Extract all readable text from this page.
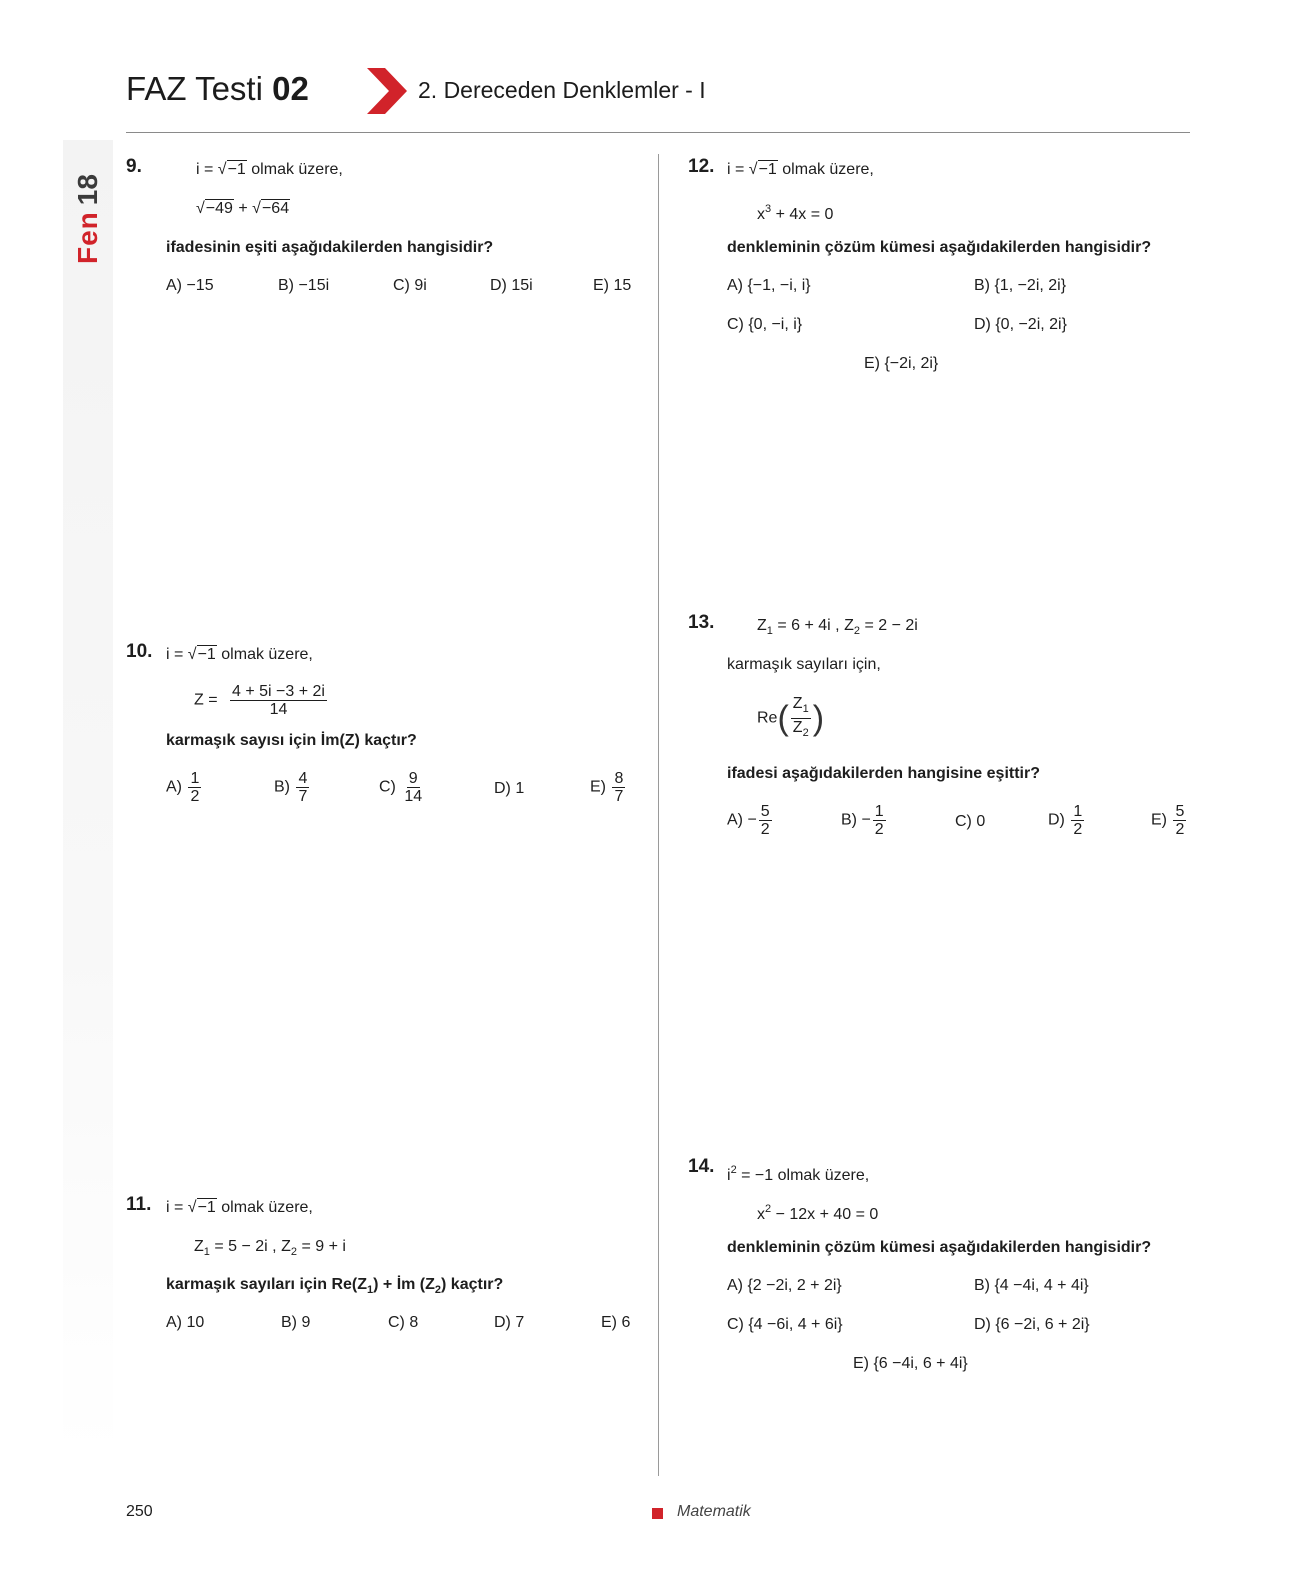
Fen
18
FAZ Testi 02	2. Dereceden Denklemler - I
9.	i = √−1 olmak üzere,
√−49 + √−64
ifadesinin eşiti aşağıdakilerden hangisidir?
A) −15	B) −15i	C) 9i	D) 15i	E) 15
10. i = √−1 olmak üzere,
$Z = \frac{4 + 5i -3 + 2i}{14}$
karmaşık sayısı için İm(Z) kaçtır?
$A) \frac{1}{2}$	$B) \frac{4}{7}$	$C) \frac{9}{14}$	D) 1	$E) \frac{8}{7}$
11. i = √−1 olmak üzere,
$Z_1 = 5 - 2i$ , $Z_2 = 9 + i$
karmaşık sayıları için $Re(Z_1)$ + İm $(Z_2)$ kaçtır?
A) 10	B) 9	C) 8	D) 7	E) 6
12. i = √−1 olmak üzere,
$x^3 + 4x = 0$
denkleminin çözüm kümesi aşağıdakilerden hangisidir?
A) {−1, −i, i}	B) {1, −2i, 2i}
C) {0, −i, i}	D) {0, −2i, 2i}
E) {−2i, 2i}
13.	$Z_1 = 6 + 4i$ , $Z_2 = 2 - 2i$
karmaşık sayıları için,
$Re( \frac{Z_1}{Z_2}$ )
ifadesi aşağıdakilerden hangisine eşittir?
$A) - \frac{5}{2}$	$B) - \frac{1}{2}$	C) 0	$D) \frac{1}{2}$	$E) \frac{5}{2}$
14. $i^2 = -1$ olmak üzere,
$x^2 - 12x + 40 = 0$
denkleminin çözüm kümesi aşağıdakilerden hangisidir?
A) {2 −2i, 2 + 2i}	B) {4 −4i, 4 + 4i}
C) {4 −6i, 4 + 6i}	D) {6 −2i, 6 + 2i}
E) {6 −4i, 6 + 4i}
250	Matematik
